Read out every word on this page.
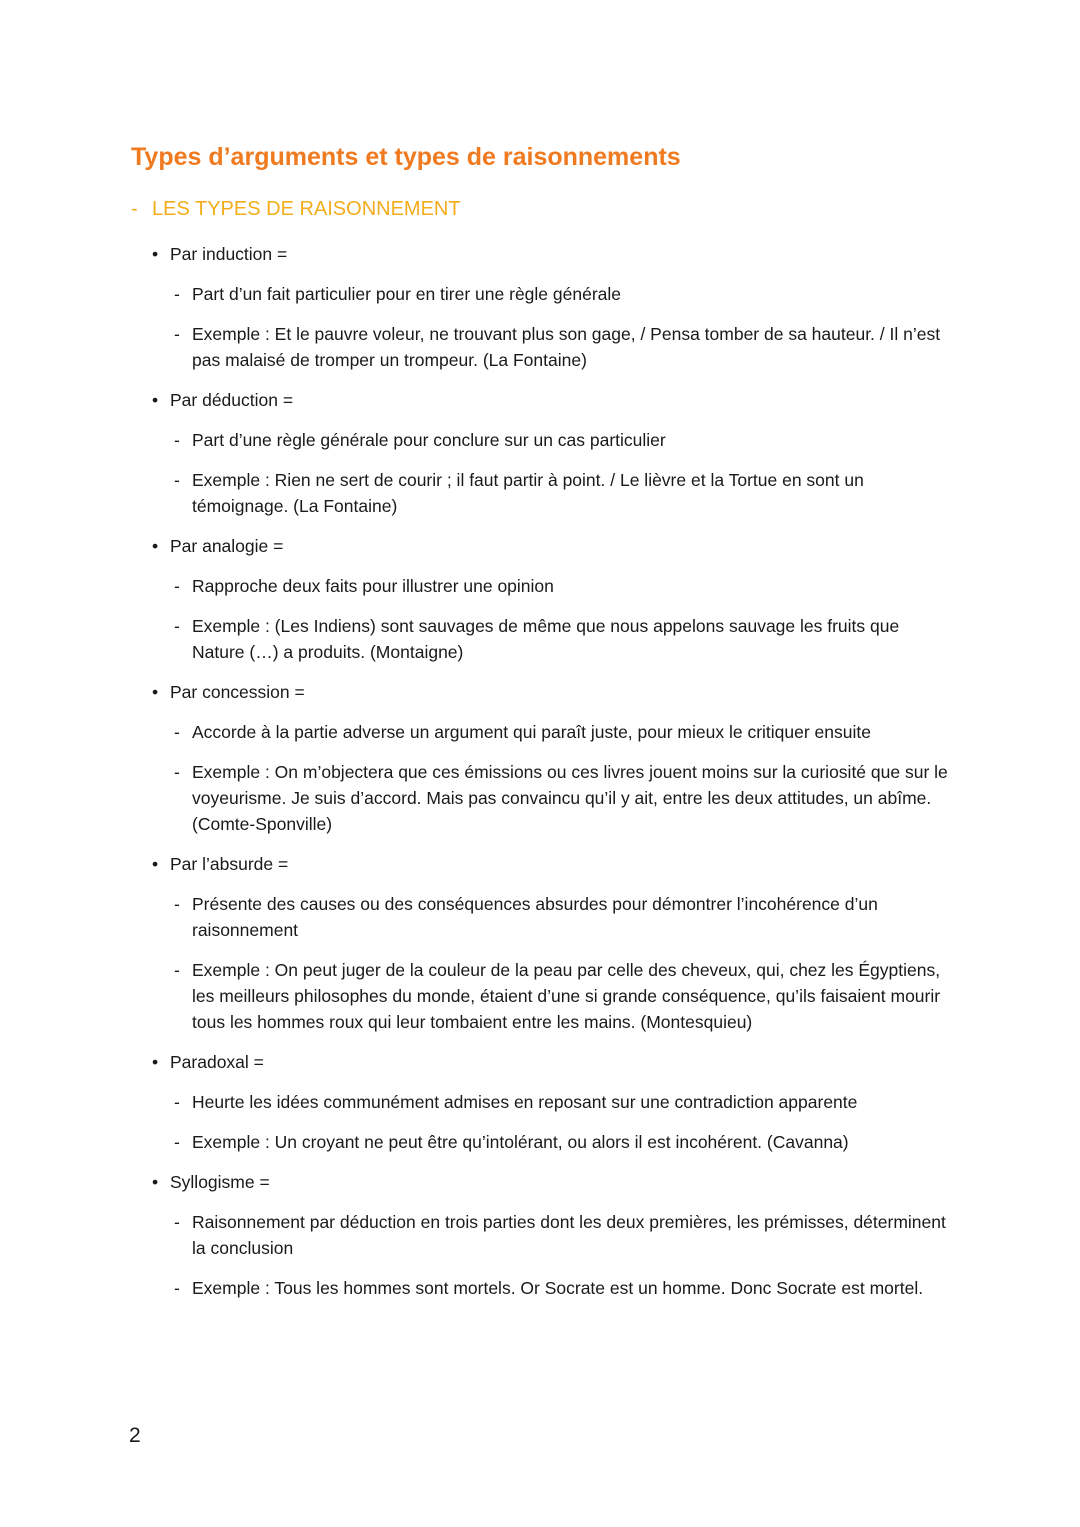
Types d’arguments et types de raisonnements
- LES TYPES DE RAISONNEMENT
• Par induction =
- Part d’un fait particulier pour en tirer une règle générale
- Exemple : Et le pauvre voleur, ne trouvant plus son gage, / Pensa tomber de sa hauteur. / Il n’est pas malaisé de tromper un trompeur. (La Fontaine)
• Par déduction =
- Part d’une règle générale pour conclure sur un cas particulier
- Exemple : Rien ne sert de courir ; il faut partir à point. / Le lièvre et la Tortue en sont un témoignage. (La Fontaine)
• Par analogie =
- Rapproche deux faits pour illustrer une opinion
- Exemple : (Les Indiens) sont sauvages de même que nous appelons sauvage les fruits que Nature (…) a produits. (Montaigne)
• Par concession =
- Accorde à la partie adverse un argument qui paraît juste, pour mieux le critiquer ensuite
- Exemple : On m’objectera que ces émissions ou ces livres jouent moins sur la curiosité que sur le voyeurisme. Je suis d’accord. Mais pas convaincu qu’il y ait, entre les deux attitudes, un abîme. (Comte-Sponville)
• Par l’absurde =
- Présente des causes ou des conséquences absurdes pour démontrer l’incohérence d’un raisonnement
- Exemple : On peut juger de la couleur de la peau par celle des cheveux, qui, chez les Égyptiens, les meilleurs philosophes du monde, étaient d’une si grande conséquence, qu’ils faisaient mourir tous les hommes roux qui leur tombaient entre les mains. (Montesquieu)
• Paradoxal =
- Heurte les idées communément admises en reposant sur une contradiction apparente
- Exemple : Un croyant ne peut être qu’intolérant, ou alors il est incohérent. (Cavanna)
• Syllogisme =
- Raisonnement par déduction en trois parties dont les deux premières, les prémisses, déterminent la conclusion
- Exemple : Tous les hommes sont mortels. Or Socrate est un homme. Donc Socrate est mortel.
2
